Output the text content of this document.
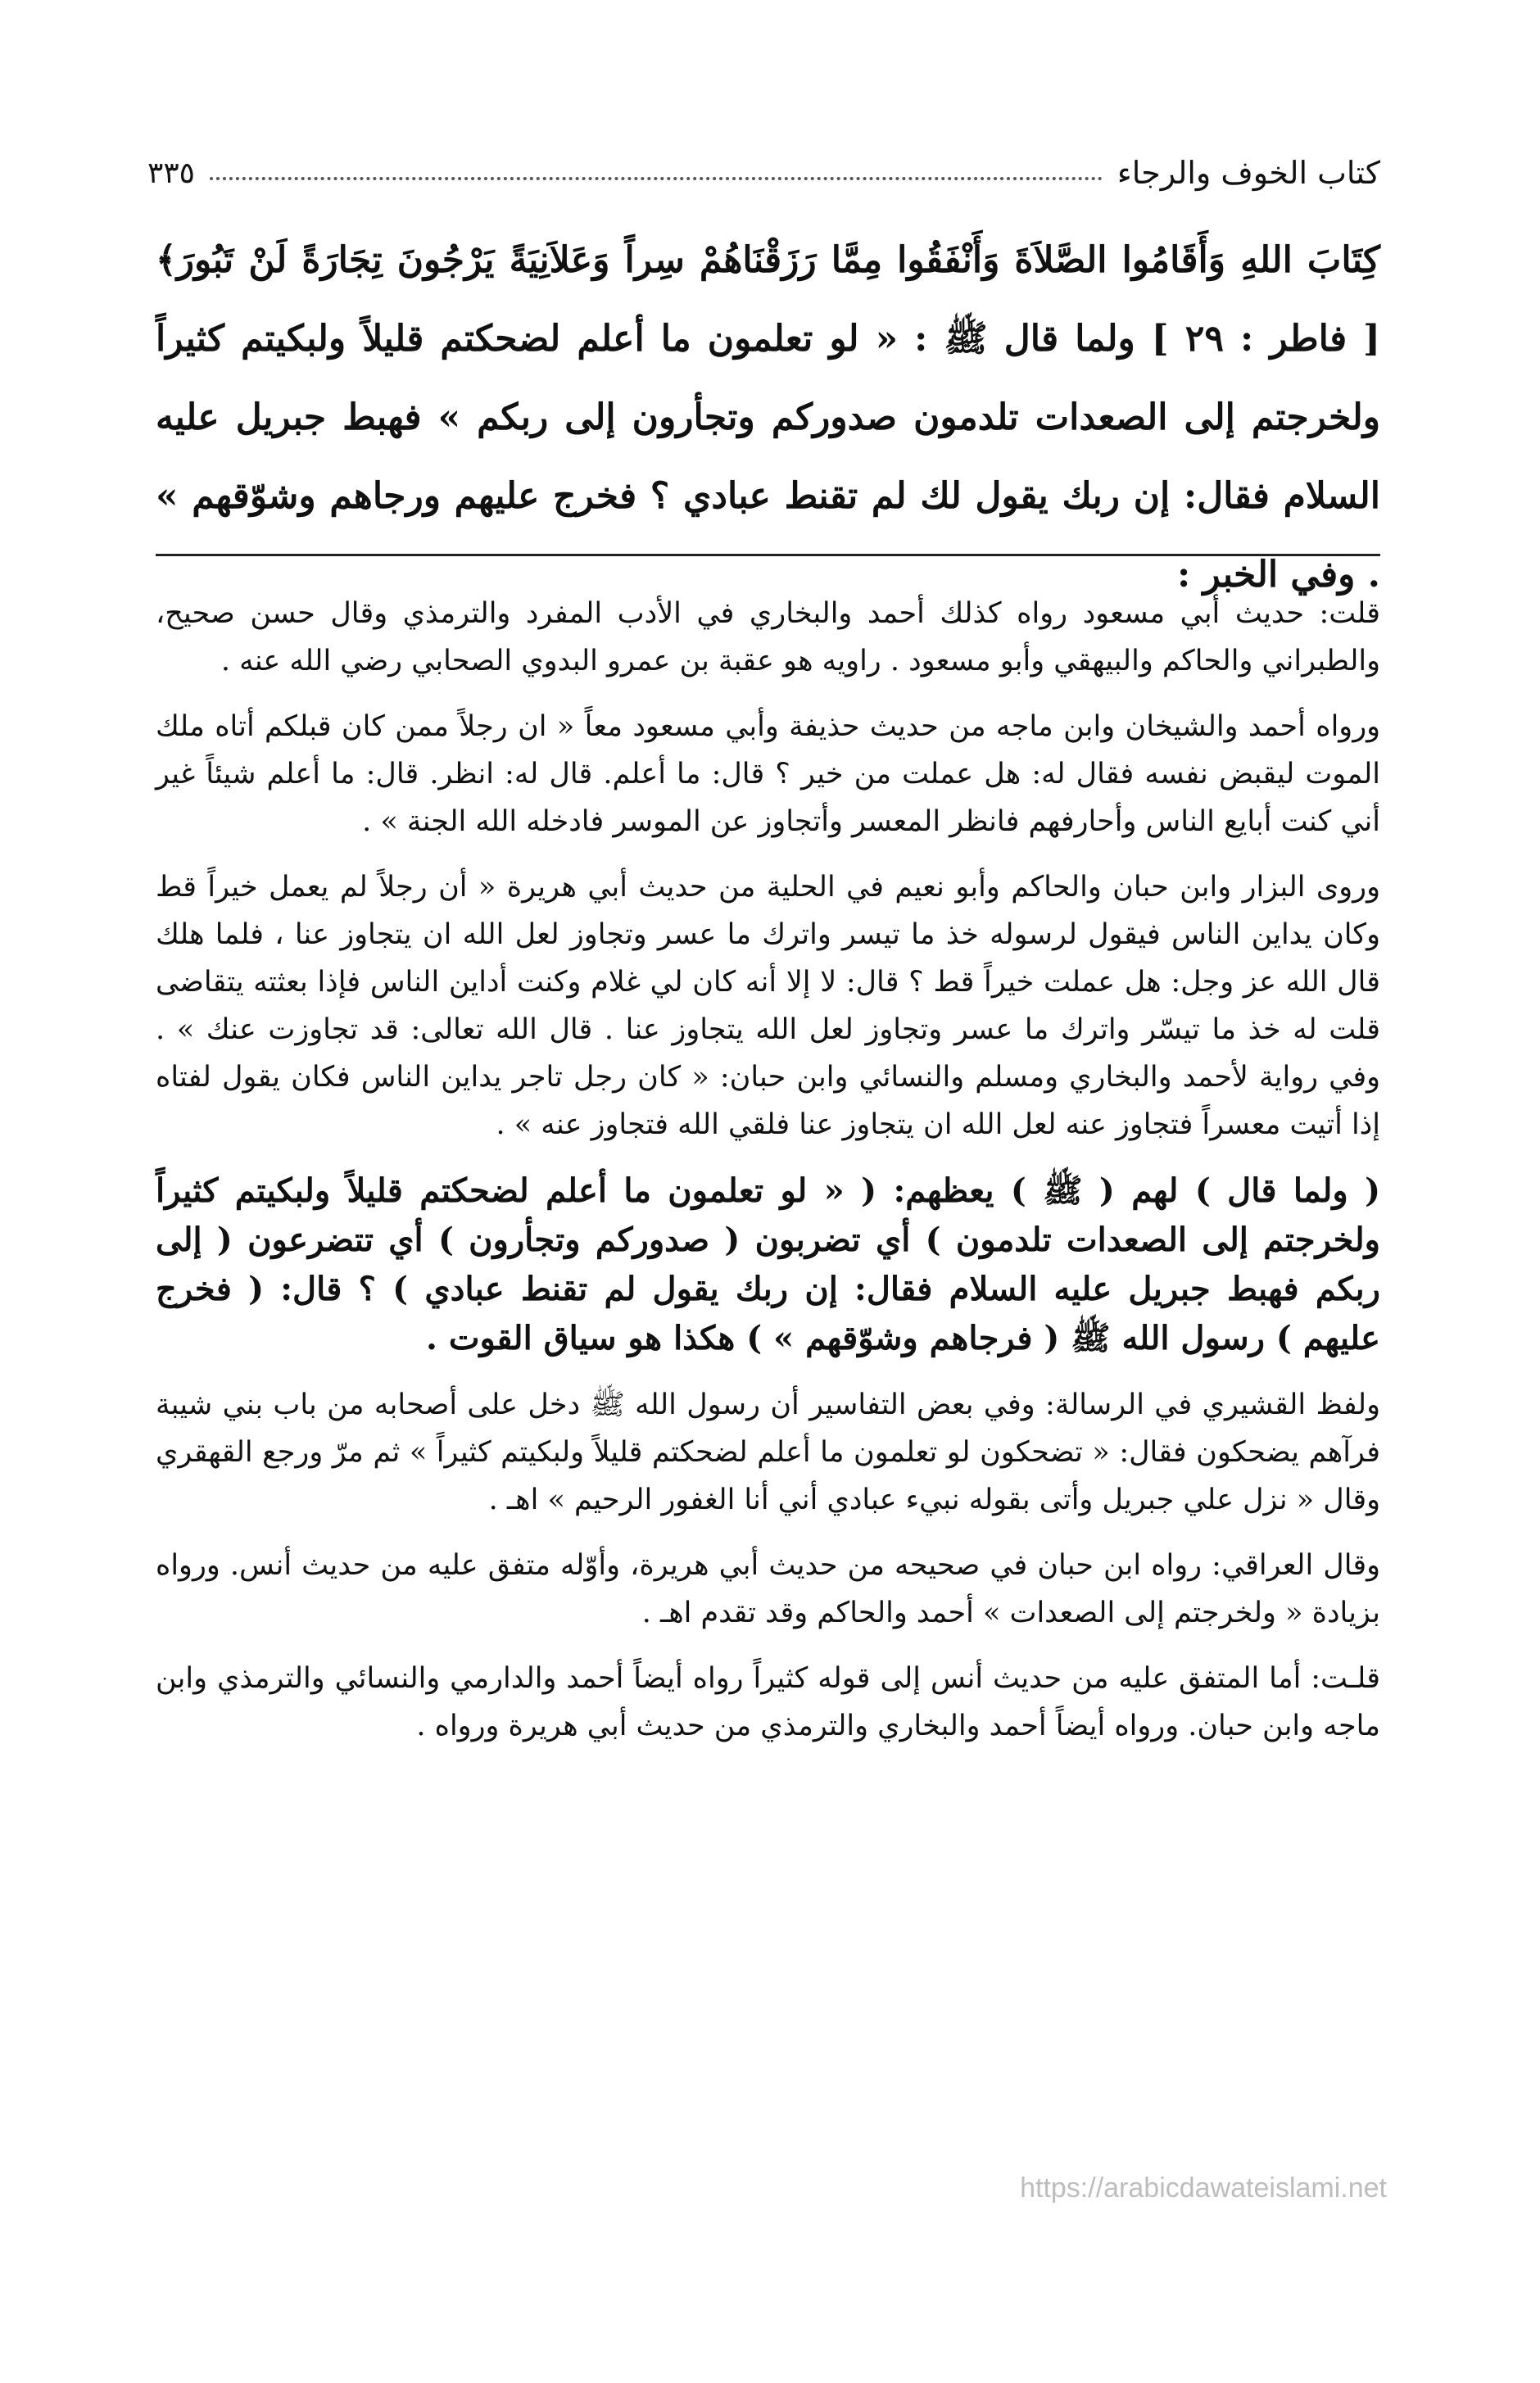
٣٣٥	كتاب الخوف والرجاء
كِتَابَ اللهِ وَأَقَامُوا الصَّلاَةَ وَأَنْفَقُوا مِمَّا رَزَقْنَاهُمْ سِراً وَعَلاَنِيَةً يَرْجُونَ تِجَارَةً لَنْ تَبُورَ﴾ [ فاطر : ٢٩ ] ولما قال ﷺ : « لو تعلمون ما أعلم لضحكتم قليلاً ولبكيتم كثيراً ولخرجتم إلى الصعدات تلدمون صدوركم وتجأرون إلى ربكم » فهبط جبريل عليه السلام فقال: إن ربك يقول لك لم تقنط عبادي ؟ فخرج عليهم ورجاهم وشوّقهم » . وفي الخبر :

قلت: حديث أبي مسعود رواه كذلك أحمد والبخاري في الأدب المفرد والترمذي وقال حسن صحيح، والطبراني والحاكم والبيهقي وأبو مسعود . راويه هو عقبة بن عمرو البدوي الصحابي رضي الله عنه .

ورواه أحمد والشيخان وابن ماجه من حديث حذيفة وأبي مسعود معاً « ان رجلاً ممن كان قبلكم أتاه ملك الموت ليقبض نفسه فقال له: هل عملت من خير ؟ قال: ما أعلم. قال له: انظر. قال: ما أعلم شيئاً غير أني كنت أبايع الناس وأحارفهم فانظر المعسر وأتجاوز عن الموسر فادخله الله الجنة » .

وروى البزار وابن حبان والحاكم وأبو نعيم في الحلية من حديث أبي هريرة « أن رجلاً لم يعمل خيراً قط وكان يداين الناس فيقول لرسوله خذ ما تيسر واترك ما عسر وتجاوز لعل الله ان يتجاوز عنا ، فلما هلك قال الله عز وجل: هل عملت خيراً قط ؟ قال: لا إلا أنه كان لي غلام وكنت أداين الناس فإذا بعثته يتقاضى قلت له خذ ما تيسّر واترك ما عسر وتجاوز لعل الله يتجاوز عنا . قال الله تعالى: قد تجاوزت عنك » . وفي رواية لأحمد والبخاري ومسلم والنسائي وابن حبان: « كان رجل تاجر يداين الناس فكان يقول لفتاه إذا أتيت معسراً فتجاوز عنه لعل الله ان يتجاوز عنا فلقي الله فتجاوز عنه » .

( ولما قال ) لهم ( ﷺ ) يعظهم: ( « لو تعلمون ما أعلم لضحكتم قليلاً ولبكيتم كثيراً ولخرجتم إلى الصعدات تلدمون ) أي تضربون ( صدوركم وتجأرون ) أي تتضرعون ( إلى ربكم فهبط جبريل عليه السلام فقال: إن ربك يقول لم تقنط عبادي ) ؟ قال: ( فخرج عليهم ) رسول الله ﷺ ( فرجاهم وشوّقهم » ) هكذا هو سياق القوت .

ولفظ القشيري في الرسالة: وفي بعض التفاسير أن رسول الله ﷺ دخل على أصحابه من باب بني شيبة فرآهم يضحكون فقال: « تضحكون لو تعلمون ما أعلم لضحكتم قليلاً ولبكيتم كثيراً » ثم مرّ ورجع القهقري وقال « نزل علي جبريل وأتى بقوله نبيء عبادي أني أنا الغفور الرحيم » اهـ .

وقال العراقي: رواه ابن حبان في صحيحه من حديث أبي هريرة، وأوّله متفق عليه من حديث أنس. ورواه بزيادة « ولخرجتم إلى الصعدات » أحمد والحاكم وقد تقدم اهـ .

قلـت: أما المتفق عليه من حديث أنس إلى قوله كثيراً رواه أيضاً أحمد والدارمي والنسائي والترمذي وابن ماجه وابن حبان. ورواه أيضاً أحمد والبخاري والترمذي من حديث أبي هريرة ورواه .

https://arabicdawateislami.net
